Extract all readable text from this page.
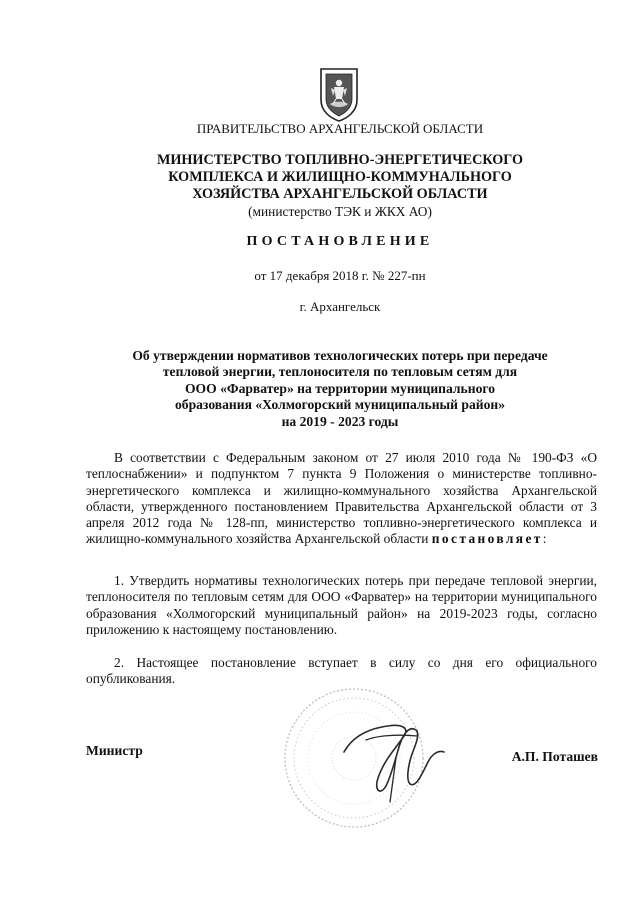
ПРАВИТЕЛЬСТВО АРХАНГЕЛЬСКОЙ ОБЛАСТИ
МИНИСТЕРСТВО ТОПЛИВНО-ЭНЕРГЕТИЧЕСКОГО
КОМПЛЕКСА И ЖИЛИЩНО-КОММУНАЛЬНОГО
ХОЗЯЙСТВА АРХАНГЕЛЬСКОЙ ОБЛАСТИ
(министерство ТЭК и ЖКХ АО)
ПОСТАНОВЛЕНИЕ
от 17 декабря 2018 г. № 227-пн
г. Архангельск
Об утверждении нормативов технологических потерь при передаче
тепловой энергии, теплоносителя по тепловым сетям для
ООО «Фарватер» на территории муниципального
образования «Холмогорский муниципальный район»
на 2019 - 2023 годы

В соответствии с Федеральным законом от 27 июля 2010 года № 190-ФЗ «О теплоснабжении» и подпунктом 7 пункта 9 Положения о министерстве топливно-энергетического комплекса и жилищно-коммунального хозяйства Архангельской области, утвержденного постановлением Правительства Архангельской области от 3 апреля 2012 года № 128-пп, министерство топливно-энергетического комплекса и жилищно-коммунального хозяйства Архангельской области постановляет:

1. Утвердить нормативы технологических потерь при передаче тепловой энергии, теплоносителя по тепловым сетям для ООО «Фарватер» на территории муниципального образования «Холмогорский муниципальный район» на 2019-2023 годы, согласно приложению к настоящему постановлению.

2. Настоящее постановление вступает в силу со дня его официального опубликования.

Министр	А.П. Поташев
